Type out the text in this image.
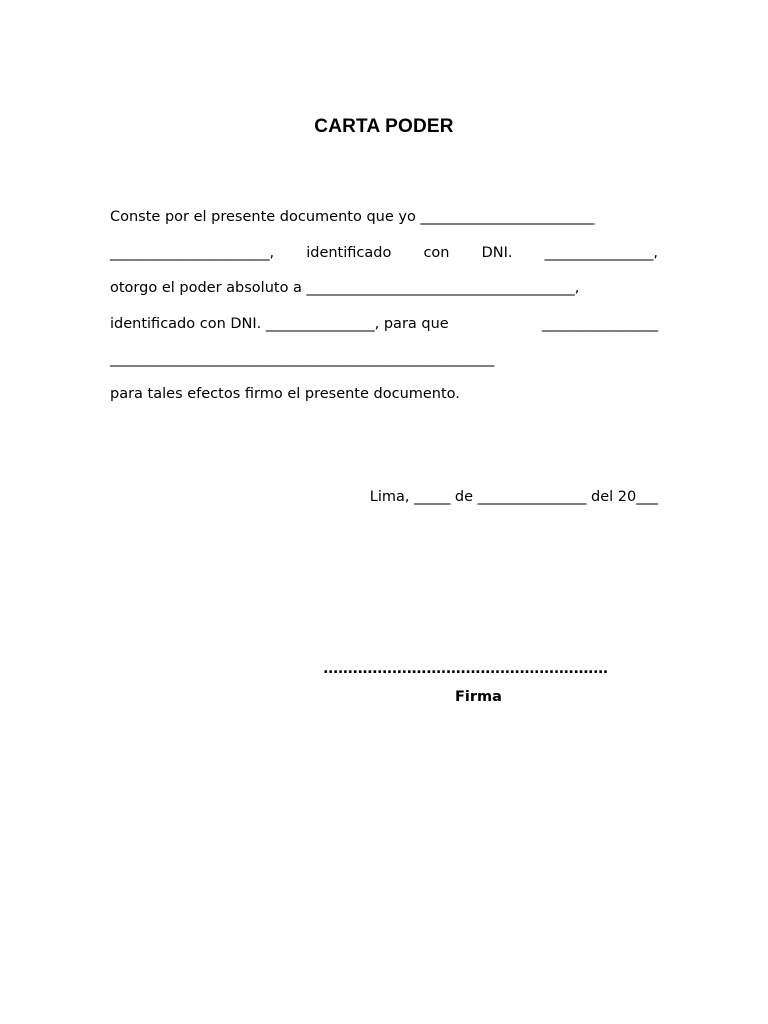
CARTA PODER
Conste por el presente documento que yo ________________________
______________________, identificado con DNI. _______________,
otorgo el poder absoluto a _____________________________________,
identificado con DNI. _______________, para que	________________
_____________________________________________________
para tales efectos firmo el presente documento.
Lima, _____ de _______________ del 20___
..........................................................
Firma
